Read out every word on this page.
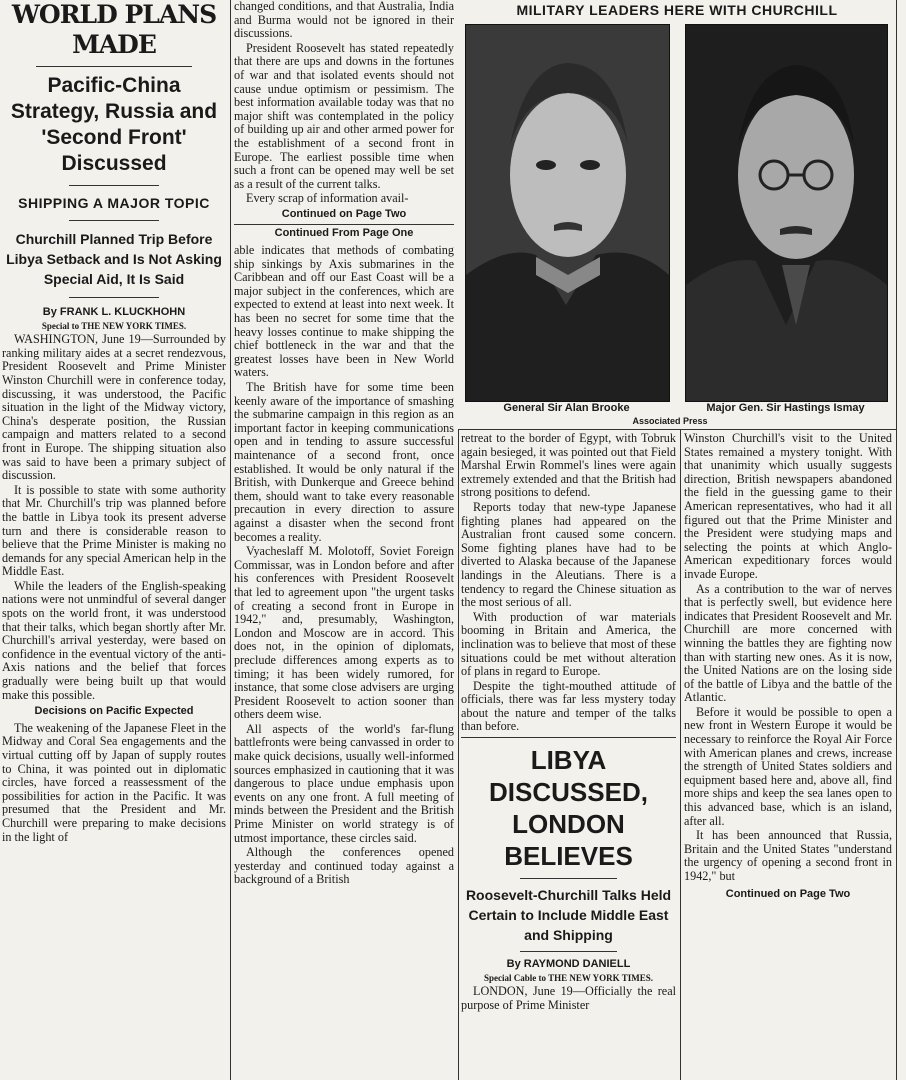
WORLD PLANS MADE
Pacific-China Strategy, Russia and 'Second Front' Discussed
SHIPPING A MAJOR TOPIC
Churchill Planned Trip Before Libya Setback and Is Not Asking Special Aid, It Is Said
By FRANK L. KLUCKHOHN
Special to THE NEW YORK TIMES.

WASHINGTON, June 19—Surrounded by ranking military aides at a secret rendezvous, President Roosevelt and Prime Minister Winston Churchill were in conference today, discussing, it was understood, the Pacific situation in the light of the Midway victory, China's desperate position, the Russian campaign and matters related to a second front in Europe. The shipping situation also was said to have been a primary subject of discussion.

It is possible to state with some authority that Mr. Churchill's trip was planned before the battle in Libya took its present adverse turn and there is considerable reason to believe that the Prime Minister is making no demands for any special American help in the Middle East.

While the leaders of the English-speaking nations were not unmindful of several danger spots on the world front, it was understood that their talks, which began shortly after Mr. Churchill's arrival yesterday, were based on confidence in the eventual victory of the anti-Axis nations and the belief that forces gradually were being built up that would make this possible.

Decisions on Pacific Expected

The weakening of the Japanese Fleet in the Midway and Coral Sea engagements and the virtual cutting off by Japan of supply routes to China, it was pointed out in diplomatic circles, have forced a reassessment of the possibilities for action in the Pacific. It was presumed that the President and Mr. Churchill were preparing to make decisions in the light of

changed conditions, and that Australia, India and Burma would not be ignored in their discussions.

President Roosevelt has stated repeatedly that there are ups and downs in the fortunes of war and that isolated events should not cause undue optimism or pessimism. The best information available today was that no major shift was contemplated in the policy of building up air and other armed power for the establishment of a second front in Europe. The earliest possible time when such a front can be opened may well be set as a result of the current talks.

Every scrap of information avail-

Continued on Page Two
Continued From Page One

able indicates that methods of combating ship sinkings by Axis submarines in the Caribbean and off our East Coast will be a major subject in the conferences, which are expected to extend at least into next week. It has been no secret for some time that the heavy losses continue to make shipping the chief bottleneck in the war and that the greatest losses have been in New World waters.

The British have for some time been keenly aware of the importance of smashing the submarine campaign in this region as an important factor in keeping communications open and in tending to assure successful maintenance of a second front, once established. It would be only natural if the British, with Dunkerque and Greece behind them, should want to take every reasonable precaution in every direction to assure against a disaster when the second front becomes a reality.

Vyacheslaff M. Molotoff, Soviet Foreign Commissar, was in London before and after his conferences with President Roosevelt that led to agreement upon "the urgent tasks of creating a second front in Europe in 1942," and, presumably, Washington, London and Moscow are in accord. This does not, in the opinion of diplomats, preclude differences among experts as to timing; it has been widely rumored, for instance, that some close advisers are urging President Roosevelt to action sooner than others deem wise.

All aspects of the world's far-flung battlefronts were being canvassed in order to make quick decisions, usually well-informed sources emphasized in cautioning that it was dangerous to place undue emphasis upon events on any one front. A full meeting of minds between the President and the British Prime Minister on world strategy is of utmost importance, these circles said.

Although the conferences opened yesterday and continued today against a background of a British

MILITARY LEADERS HERE WITH CHURCHILL
General Sir Alan Brooke	Major Gen. Sir Hastings Ismay
Associated Press

retreat to the border of Egypt, with Tobruk again besieged, it was pointed out that Field Marshal Erwin Rommel's lines were again extremely extended and that the British had strong positions to defend.

Reports today that new-type Japanese fighting planes had appeared on the Australian front caused some concern. Some fighting planes have had to be diverted to Alaska because of the Japanese landings in the Aleutians. There is a tendency to regard the Chinese situation as the most serious of all.

With production of war materials booming in Britain and America, the inclination was to believe that most of these situations could be met without alteration of plans in regard to Europe.

Despite the tight-mouthed attitude of officials, there was far less mystery today about the nature and temper of the talks than before.

LIBYA DISCUSSED, LONDON BELIEVES
Roosevelt-Churchill Talks Held Certain to Include Middle East and Shipping
By RAYMOND DANIELL
Special Cable to THE NEW YORK TIMES.

LONDON, June 19—Officially the real purpose of Prime Minister

Winston Churchill's visit to the United States remained a mystery tonight. With that unanimity which usually suggests direction, British newspapers abandoned the field in the guessing game to their American representatives, who had it all figured out that the Prime Minister and the President were studying maps and selecting the points at which Anglo-American expeditionary forces would invade Europe.

As a contribution to the war of nerves that is perfectly swell, but evidence here indicates that President Roosevelt and Mr. Churchill are more concerned with winning the battles they are fighting now than with starting new ones. As it is now, the United Nations are on the losing side of the battle of Libya and the battle of the Atlantic.

Before it would be possible to open a new front in Western Europe it would be necessary to reinforce the Royal Air Force with American planes and crews, increase the strength of United States soldiers and equipment based here and, above all, find more ships and keep the sea lanes open to this advanced base, which is an island, after all.

It has been announced that Russia, Britain and the United States "understand the urgency of opening a second front in 1942," but

Continued on Page Two
